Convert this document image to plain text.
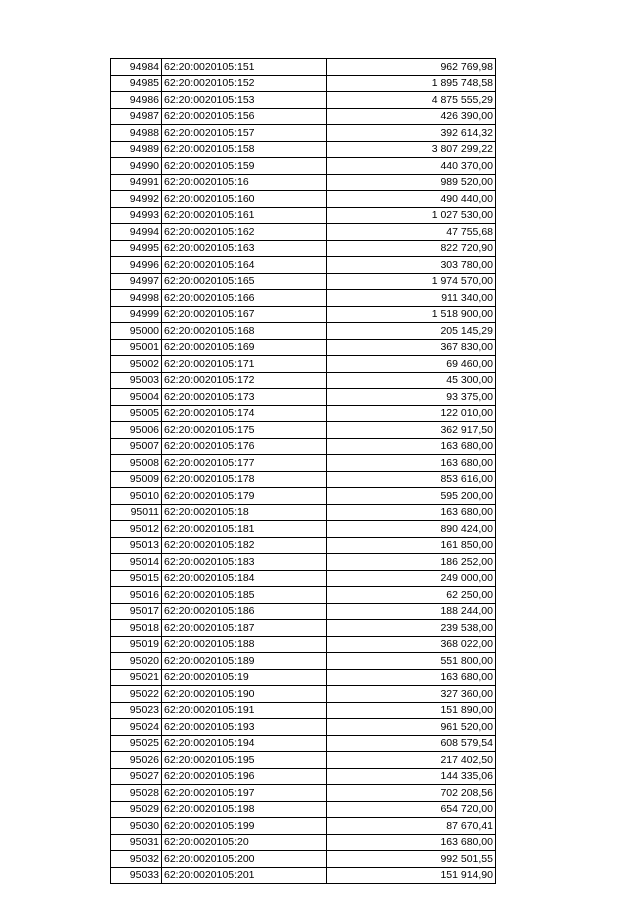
94984	62:20:0020105:151	962 769,98
94985	62:20:0020105:152	1 895 748,58
94986	62:20:0020105:153	4 875 555,29
94987	62:20:0020105:156	426 390,00
94988	62:20:0020105:157	392 614,32
94989	62:20:0020105:158	3 807 299,22
94990	62:20:0020105:159	440 370,00
94991	62:20:0020105:16	989 520,00
94992	62:20:0020105:160	490 440,00
94993	62:20:0020105:161	1 027 530,00
94994	62:20:0020105:162	47 755,68
94995	62:20:0020105:163	822 720,90
94996	62:20:0020105:164	303 780,00
94997	62:20:0020105:165	1 974 570,00
94998	62:20:0020105:166	911 340,00
94999	62:20:0020105:167	1 518 900,00
95000	62:20:0020105:168	205 145,29
95001	62:20:0020105:169	367 830,00
95002	62:20:0020105:171	69 460,00
95003	62:20:0020105:172	45 300,00
95004	62:20:0020105:173	93 375,00
95005	62:20:0020105:174	122 010,00
95006	62:20:0020105:175	362 917,50
95007	62:20:0020105:176	163 680,00
95008	62:20:0020105:177	163 680,00
95009	62:20:0020105:178	853 616,00
95010	62:20:0020105:179	595 200,00
95011	62:20:0020105:18	163 680,00
95012	62:20:0020105:181	890 424,00
95013	62:20:0020105:182	161 850,00
95014	62:20:0020105:183	186 252,00
95015	62:20:0020105:184	249 000,00
95016	62:20:0020105:185	62 250,00
95017	62:20:0020105:186	188 244,00
95018	62:20:0020105:187	239 538,00
95019	62:20:0020105:188	368 022,00
95020	62:20:0020105:189	551 800,00
95021	62:20:0020105:19	163 680,00
95022	62:20:0020105:190	327 360,00
95023	62:20:0020105:191	151 890,00
95024	62:20:0020105:193	961 520,00
95025	62:20:0020105:194	608 579,54
95026	62:20:0020105:195	217 402,50
95027	62:20:0020105:196	144 335,06
95028	62:20:0020105:197	702 208,56
95029	62:20:0020105:198	654 720,00
95030	62:20:0020105:199	87 670,41
95031	62:20:0020105:20	163 680,00
95032	62:20:0020105:200	992 501,55
95033	62:20:0020105:201	151 914,90
